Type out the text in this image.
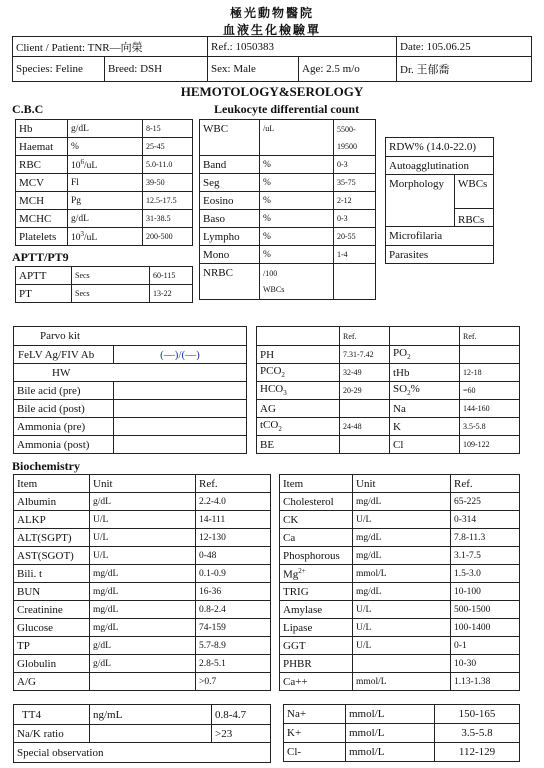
極光動物醫院
血液生化檢驗單
Client / Patient: TNR—向榮		Ref.: 1050383		Date: 105.06.25
Species: Feline	Breed: DSH	Sex: Male	Age: 2.5 m/o	Dr. 王郁喬
HEMOTOLOGY&SEROLOGY
C.B.C	Leukocyte differential count
Hb	g/dL	8-15
Haemat	%	25-45
RBC	$10^6/uL$	5.0-11.0
MCV	Fl	39-50
MCH	Pg	12.5-17.5
MCHC	g/dL	31-38.5
Platelets	$10^3/uL$	200-500
WBC	/uL	5500-
19500

Band	%	0-3
Seg	%	35-75
Eosino	%	2-12
Baso	%	0-3
Lympho	%	20-55
Mono	%	1-4
NRBC	/100
WBCs	

RDW% (14.0-22.0)
Autoagglutination
Morphology	WBCs
RBCs
Microfilaria
Parasites
APTT/PT9
APTT	Secs	60-115
PT	Secs	13-22
Parvo kit	
FeLV Ag/FIV Ab	(—)/(—)
HW	
Bile acid (pre)	
Bile acid (post)	
Ammonia (pre)	
Ammonia (post)	
	Ref.		Ref.
PH	7.31-7.42	$PO_2$	
$PCO_2$	32-49	tHb	12-18
$HCO_3$	20-29	$SO_2\%$	=60
AG		Na	144-160
tCO$_2$	24-48	K	3.5-5.8
BE		Cl	109-122
Biochemistry
Item	Unit	Ref.
Albumin	g/dL	2.2-4.0
ALKP	U/L	14-111
ALT(SGPT)	U/L	12-130
AST(SGOT)	U/L	0-48
Bili. t	mg/dL	0.1-0.9
BUN	mg/dL	16-36
Creatinine	mg/dL	0.8-2.4
Glucose	mg/dL	74-159
TP	g/dL	5.7-8.9
Globulin	g/dL	2.8-5.1
A/G		>0.7
Item	Unit	Ref.
Cholesterol	mg/dL	65-225
CK	U/L	0-314
Ca	mg/dL	7.8-11.3
Phosphorous	mg/dL	3.1-7.5
$Mg^{2+}$	mmol/L	1.5-3.0
TRIG	mg/dL	10-100
Amylase	U/L	500-1500
Lipase	U/L	100-1400
GGT	U/L	0-1
PHBR		10-30
Ca++	mmol/L	1.13-1.38
TT4	ng/mL	0.8-4.7
Na/K ratio		>23
Special observation		
Na+	mmol/L	150-165
K+	mmol/L	3.5-5.8
Cl-	mmol/L	112-129
